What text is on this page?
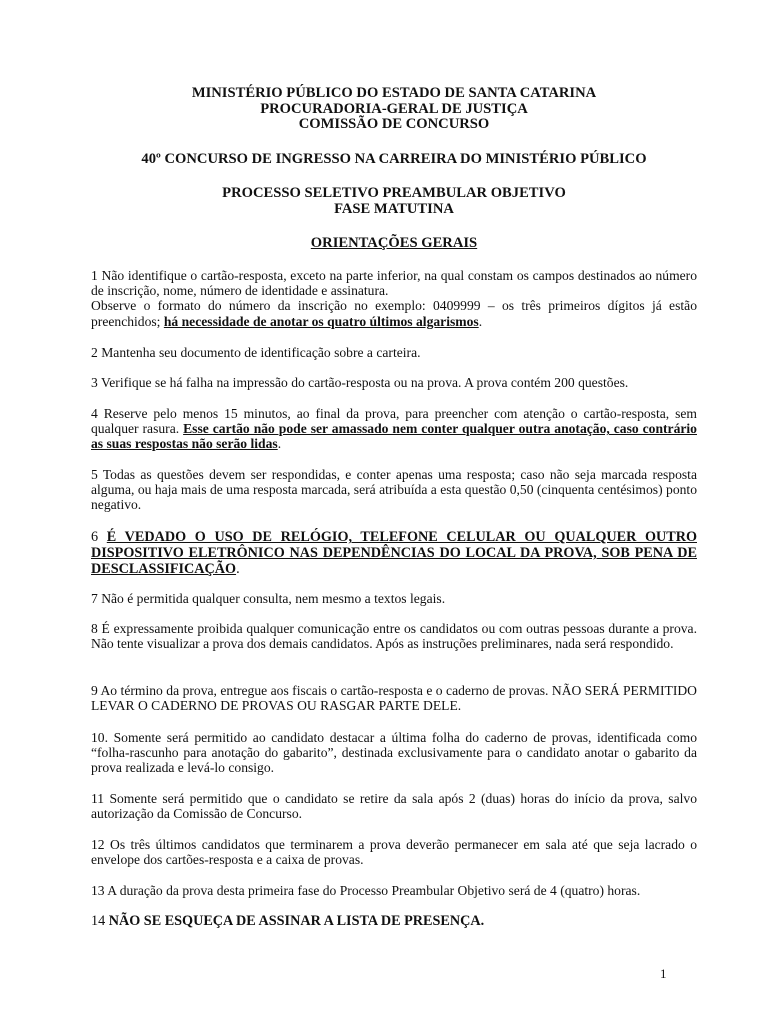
MINISTÉRIO PÚBLICO DO ESTADO DE SANTA CATARINA
PROCURADORIA-GERAL DE JUSTIÇA
COMISSÃO DE CONCURSO
40º CONCURSO DE INGRESSO NA CARREIRA DO MINISTÉRIO PÚBLICO
PROCESSO SELETIVO PREAMBULAR OBJETIVO
FASE MATUTINA
ORIENTAÇÕES GERAIS
1 Não identifique o cartão-resposta, exceto na parte inferior, na qual constam os campos destinados ao número de inscrição, nome, número de identidade e assinatura.
Observe o formato do número da inscrição no exemplo: 0409999 – os três primeiros dígitos já estão preenchidos; há necessidade de anotar os quatro últimos algarismos.
2 Mantenha seu documento de identificação sobre a carteira.
3 Verifique se há falha na impressão do cartão-resposta ou na prova. A prova contém 200 questões.
4 Reserve pelo menos 15 minutos, ao final da prova, para preencher com atenção o cartão-resposta, sem qualquer rasura. Esse cartão não pode ser amassado nem conter qualquer outra anotação, caso contrário as suas respostas não serão lidas.
5 Todas as questões devem ser respondidas, e conter apenas uma resposta; caso não seja marcada resposta alguma, ou haja mais de uma resposta marcada, será atribuída a esta questão 0,50 (cinquenta centésimos) ponto negativo.
6 É VEDADO O USO DE RELÓGIO, TELEFONE CELULAR OU QUALQUER OUTRO DISPOSITIVO ELETRÔNICO NAS DEPENDÊNCIAS DO LOCAL DA PROVA, SOB PENA DE DESCLASSIFICAÇÃO.
7 Não é permitida qualquer consulta, nem mesmo a textos legais.
8 É expressamente proibida qualquer comunicação entre os candidatos ou com outras pessoas durante a prova. Não tente visualizar a prova dos demais candidatos. Após as instruções preliminares, nada será respondido.
9 Ao término da prova, entregue aos fiscais o cartão-resposta e o caderno de provas. NÃO SERÁ PERMITIDO LEVAR O CADERNO DE PROVAS OU RASGAR PARTE DELE.
10. Somente será permitido ao candidato destacar a última folha do caderno de provas, identificada como “folha-rascunho para anotação do gabarito”, destinada exclusivamente para o candidato anotar o gabarito da prova realizada e levá-lo consigo.
11 Somente será permitido que o candidato se retire da sala após 2 (duas) horas do início da prova, salvo autorização da Comissão de Concurso.
12 Os três últimos candidatos que terminarem a prova deverão permanecer em sala até que seja lacrado o envelope dos cartões-resposta e a caixa de provas.
13 A duração da prova desta primeira fase do Processo Preambular Objetivo será de 4 (quatro) horas.
14 NÃO SE ESQUEÇA DE ASSINAR A LISTA DE PRESENÇA.
1
